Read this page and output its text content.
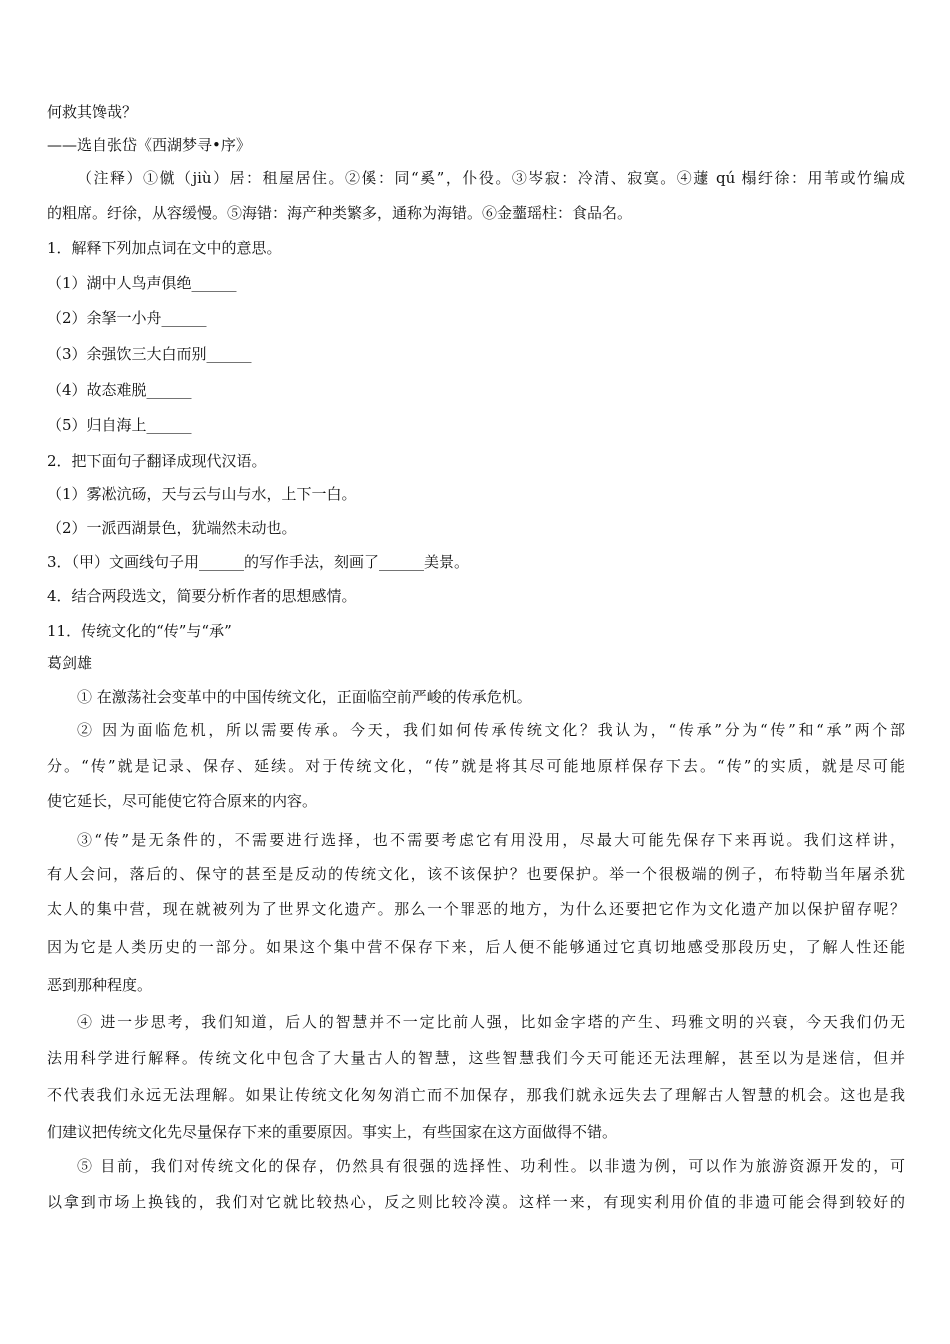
何救其馋哉？
——选自张岱《西湖梦寻•序》
（注释）①僦（jiù）居：租屋居住。②傒：同“奚”，仆役。③岑寂：冷清、寂寞。④蘧 qú 榻纡徐：用苇或竹编成
的粗席。纡徐，从容缓慢。⑤海错：海产种类繁多，通称为海错。⑥金虀瑶柱：食品名。
1．解释下列加点词在文中的意思。
（1）湖中人鸟声俱绝______
（2）余拏一小舟______
（3）余强饮三大白而别______
（4）故态难脱______
（5）归自海上______
2．把下面句子翻译成现代汉语。
（1）雾凇沆砀，天与云与山与水，上下一白。
（2）一派西湖景色，犹端然未动也。
3．（甲）文画线句子用______的写作手法，刻画了______美景。
4．结合两段选文，简要分析作者的思想感情。
11．传统文化的“传”与“承”
葛剑雄
① 在激荡社会变革中的中国传统文化，正面临空前严峻的传承危机。
② 因为面临危机，所以需要传承。今天，我们如何传承传统文化？我认为，“传承”分为“传”和“承”两个部
分。“传”就是记录、保存、延续。对于传统文化，“传”就是将其尽可能地原样保存下去。“传”的实质，就是尽可能
使它延长，尽可能使它符合原来的内容。
③“传”是无条件的，不需要进行选择，也不需要考虑它有用没用，尽最大可能先保存下来再说。我们这样讲，
有人会问，落后的、保守的甚至是反动的传统文化，该不该保护？也要保护。举一个很极端的例子，布特勒当年屠杀犹
太人的集中营，现在就被列为了世界文化遗产。那么一个罪恶的地方，为什么还要把它作为文化遗产加以保护留存呢？
因为它是人类历史的一部分。如果这个集中营不保存下来，后人便不能够通过它真切地感受那段历史，了解人性还能
恶到那种程度。
④ 进一步思考，我们知道，后人的智慧并不一定比前人强，比如金字塔的产生、玛雅文明的兴衰，今天我们仍无
法用科学进行解释。传统文化中包含了大量古人的智慧，这些智慧我们今天可能还无法理解，甚至以为是迷信，但并
不代表我们永远无法理解。如果让传统文化匆匆消亡而不加保存，那我们就永远失去了理解古人智慧的机会。这也是我
们建议把传统文化先尽量保存下来的重要原因。事实上，有些国家在这方面做得不错。
⑤ 目前，我们对传统文化的保存，仍然具有很强的选择性、功利性。以非遗为例，可以作为旅游资源开发的，可
以拿到市场上换钱的，我们对它就比较热心，反之则比较冷漠。这样一来，有现实利用价值的非遗可能会得到较好的
